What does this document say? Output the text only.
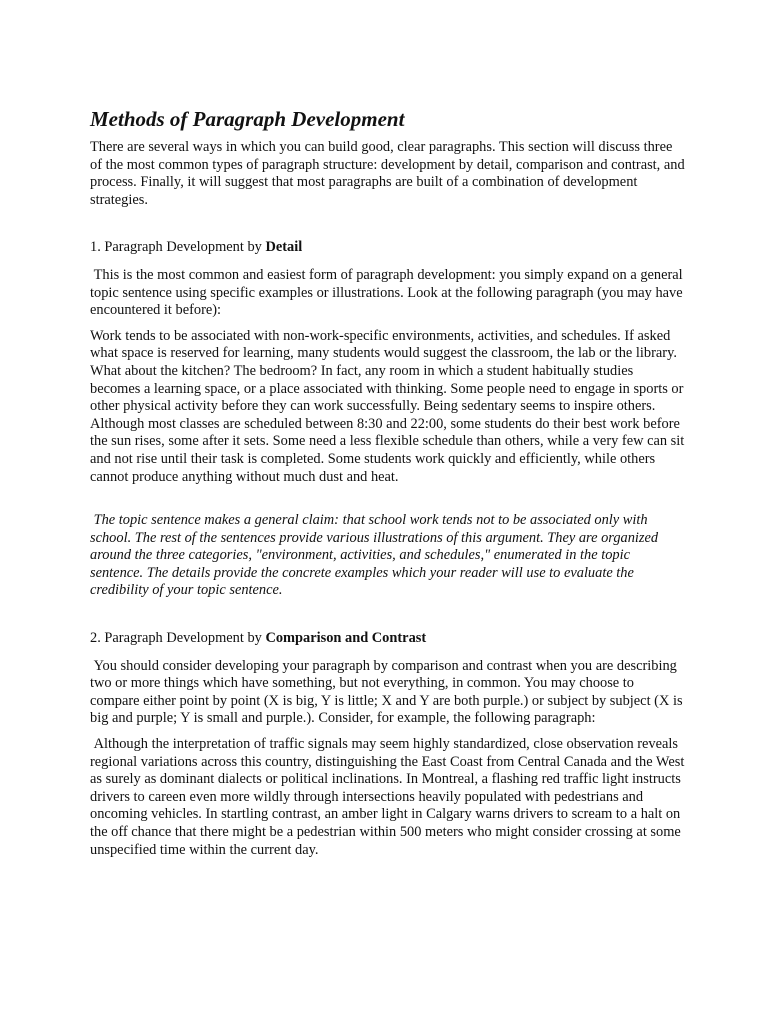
Methods of Paragraph Development

There are several ways in which you can build good, clear paragraphs. This section will discuss three of the most common types of paragraph structure: development by detail, comparison and contrast, and process. Finally, it will suggest that most paragraphs are built of a combination of development strategies.

1. Paragraph Development by Detail

This is the most common and easiest form of paragraph development: you simply expand on a general topic sentence using specific examples or illustrations. Look at the following paragraph (you may have encountered it before):

Work tends to be associated with non-work-specific environments, activities, and schedules. If asked what space is reserved for learning, many students would suggest the classroom, the lab or the library. What about the kitchen? The bedroom? In fact, any room in which a student habitually studies becomes a learning space, or a place associated with thinking. Some people need to engage in sports or other physical activity before they can work successfully. Being sedentary seems to inspire others. Although most classes are scheduled between 8:30 and 22:00, some students do their best work before the sun rises, some after it sets. Some need a less flexible schedule than others, while a very few can sit and not rise until their task is completed. Some students work quickly and efficiently, while others cannot produce anything without much dust and heat.

The topic sentence makes a general claim: that school work tends not to be associated only with school. The rest of the sentences provide various illustrations of this argument. They are organized around the three categories, "environment, activities, and schedules," enumerated in the topic sentence. The details provide the concrete examples which your reader will use to evaluate the credibility of your topic sentence.

2. Paragraph Development by Comparison and Contrast

You should consider developing your paragraph by comparison and contrast when you are describing two or more things which have something, but not everything, in common. You may choose to compare either point by point (X is big, Y is little; X and Y are both purple.) or subject by subject (X is big and purple; Y is small and purple.). Consider, for example, the following paragraph:

Although the interpretation of traffic signals may seem highly standardized, close observation reveals regional variations across this country, distinguishing the East Coast from Central Canada and the West as surely as dominant dialects or political inclinations. In Montreal, a flashing red traffic light instructs drivers to careen even more wildly through intersections heavily populated with pedestrians and oncoming vehicles. In startling contrast, an amber light in Calgary warns drivers to scream to a halt on the off chance that there might be a pedestrian within 500 meters who might consider crossing at some unspecified time within the current day.
